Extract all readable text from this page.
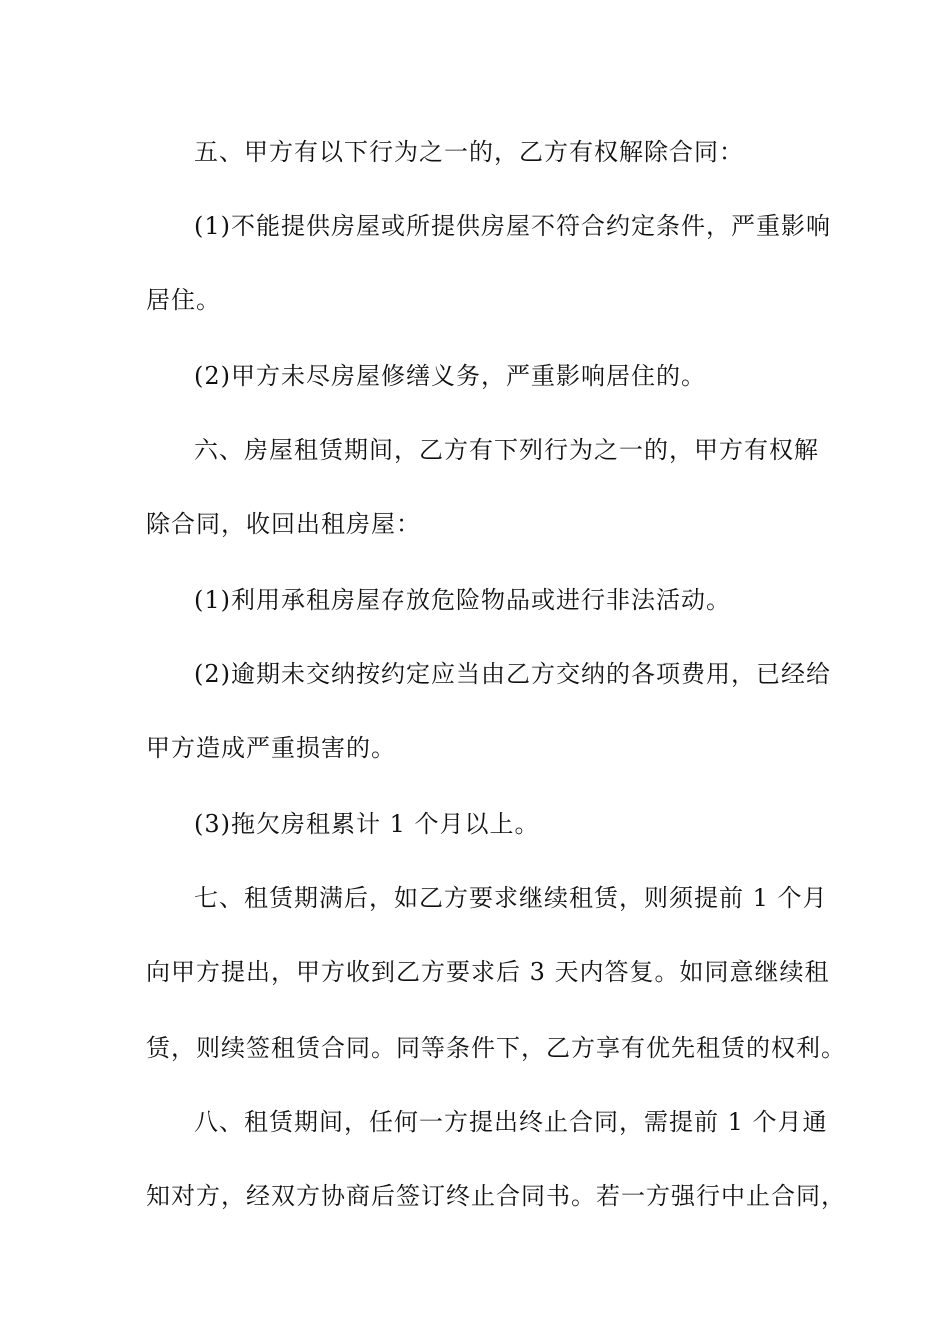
五、甲方有以下行为之一的，乙方有权解除合同：
(1)不能提供房屋或所提供房屋不符合约定条件，严重影响
居住。
(2)甲方未尽房屋修缮义务，严重影响居住的。
六、房屋租赁期间，乙方有下列行为之一的，甲方有权解
除合同，收回出租房屋：
(1)利用承租房屋存放危险物品或进行非法活动。
(2)逾期未交纳按约定应当由乙方交纳的各项费用，已经给
甲方造成严重损害的。
(3)拖欠房租累计 1 个月以上。
七、租赁期满后，如乙方要求继续租赁，则须提前 1 个月
向甲方提出，甲方收到乙方要求后 3 天内答复。如同意继续租
赁，则续签租赁合同。同等条件下，乙方享有优先租赁的权利。
八、租赁期间，任何一方提出终止合同，需提前 1 个月通
知对方，经双方协商后签订终止合同书。若一方强行中止合同，
